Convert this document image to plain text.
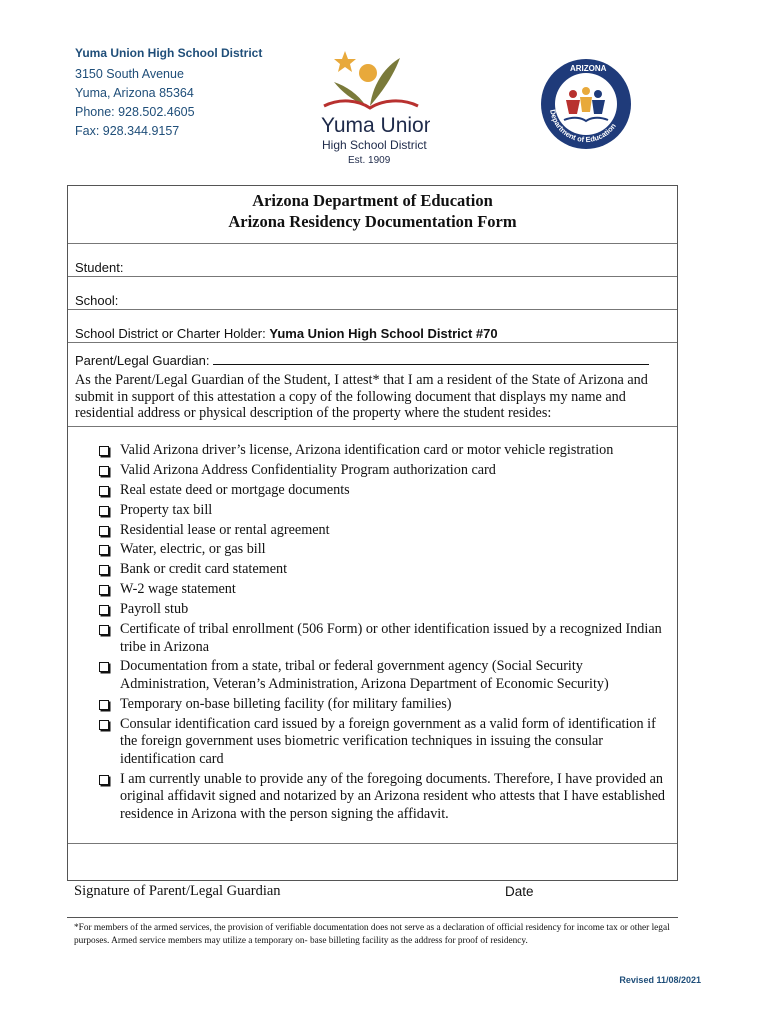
Yuma Union High School District
3150 South Avenue
Yuma, Arizona 85364
Phone: 928.502.4605
Fax: 928.344.9157	Yuma Union
High School District
Est. 1909
ARIZONA
Department of Education
Arizona Department of Education
Arizona Residency Documentation Form
Student:
School:
School District or Charter Holder: Yuma Union High School District #70
Parent/Legal Guardian:
As the Parent/Legal Guardian of the Student, I attest* that I am a resident of the State of Arizona and submit in support of this attestation a copy of the following document that displays my name and residential address or physical description of the property where the student resides:
Valid Arizona driver’s license, Arizona identification card or motor vehicle registration
Valid Arizona Address Confidentiality Program authorization card
Real estate deed or mortgage documents
Property tax bill
Residential lease or rental agreement
Water, electric, or gas bill
Bank or credit card statement
W-2 wage statement
Payroll stub
Certificate of tribal enrollment (506 Form) or other identification issued by a recognized Indian tribe in Arizona
Documentation from a state, tribal or federal government agency (Social Security Administration, Veteran’s Administration, Arizona Department of Economic Security)
Temporary on-base billeting facility (for military families)
Consular identification card issued by a foreign government as a valid form of identification if the foreign government uses biometric verification techniques in issuing the consular identification card
I am currently unable to provide any of the foregoing documents. Therefore, I have provided an original affidavit signed and notarized by an Arizona resident who attests that I have established residence in Arizona with the person signing the affidavit.
Signature of Parent/Legal Guardian	Date
*For members of the armed services, the provision of verifiable documentation does not serve as a declaration of official residency for income tax or other legal purposes. Armed service members may utilize a temporary on- base billeting facility as the address for proof of residency.
Revised 11/08/2021
